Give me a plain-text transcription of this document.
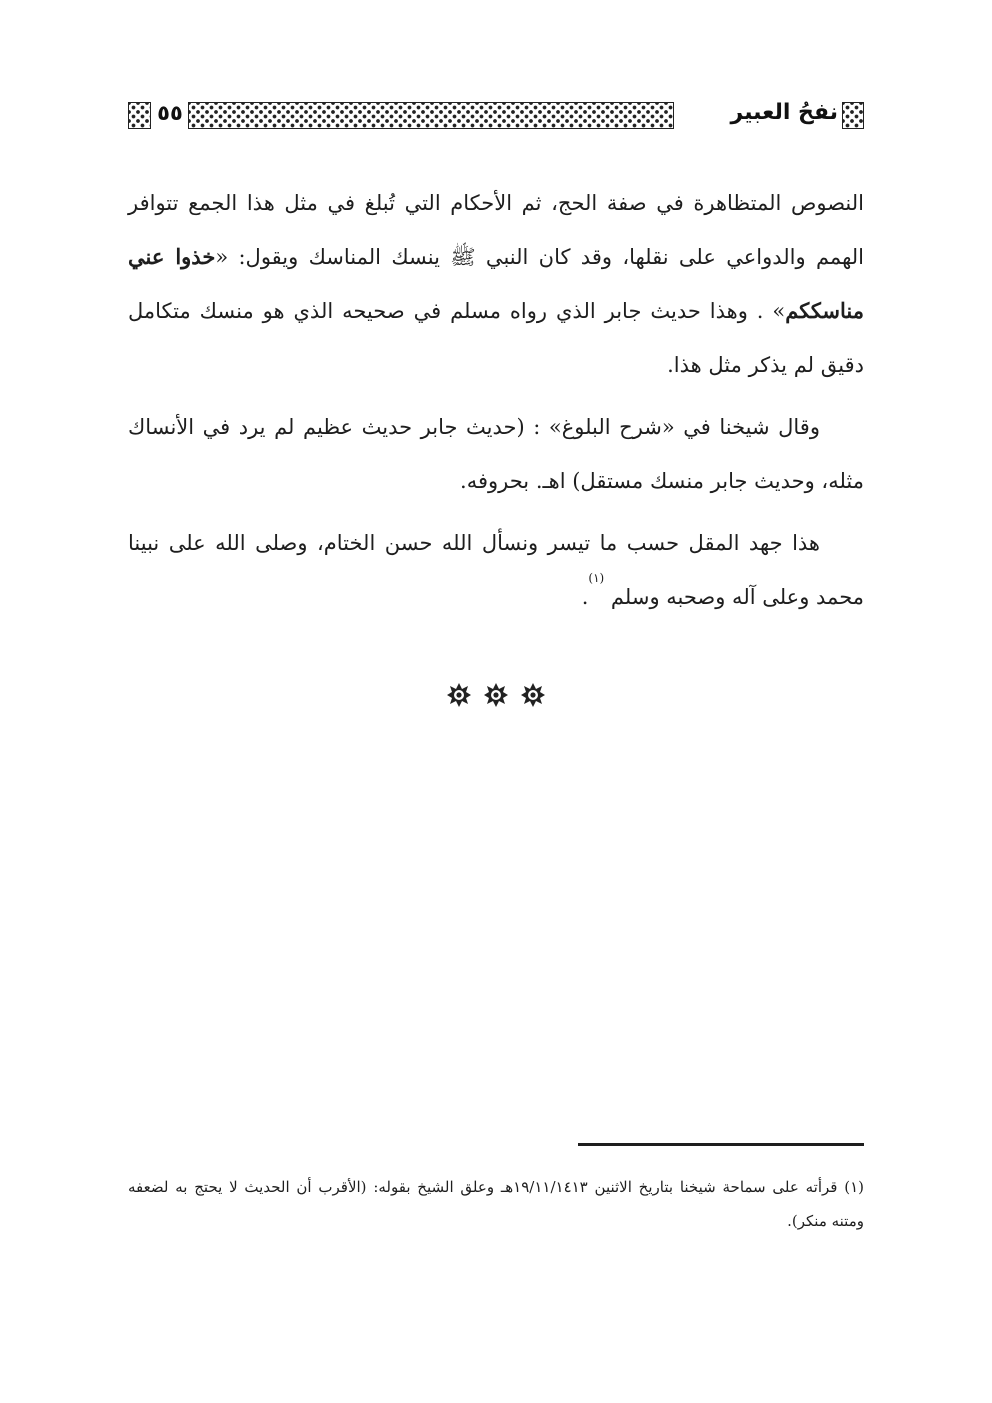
٥٥	نفحُ العبير

النصوص المتظاهرة في صفة الحج، ثم الأحكام التي تُبلغ في مثل هذا الجمع تتوافر الهمم والدواعي على نقلها، وقد كان النبي ﷺ ينسك المناسك ويقول: «خذوا عني مناسككم» . وهذا حديث جابر الذي رواه مسلم في صحيحه الذي هو منسك متكامل دقيق لم يذكر مثل هذا.

وقال شيخنا في «شرح البلوغ» : (حديث جابر حديث عظيم لم يرد في الأنساك مثله، وحديث جابر منسك مستقل) اهـ. بحروفه.

هذا جهد المقل حسب ما تيسر ونسأل الله حسن الختام، وصلى الله على نبينا محمد وعلى آله وصحبه وسلم $^{(١)}$.

(١) قرأته على سماحة شيخنا بتاريخ الاثنين ١٩/١١/١٤١٣هـ وعلق الشيخ بقوله: (الأقرب أن الحديث لا يحتج به لضعفه ومتنه منكر).
